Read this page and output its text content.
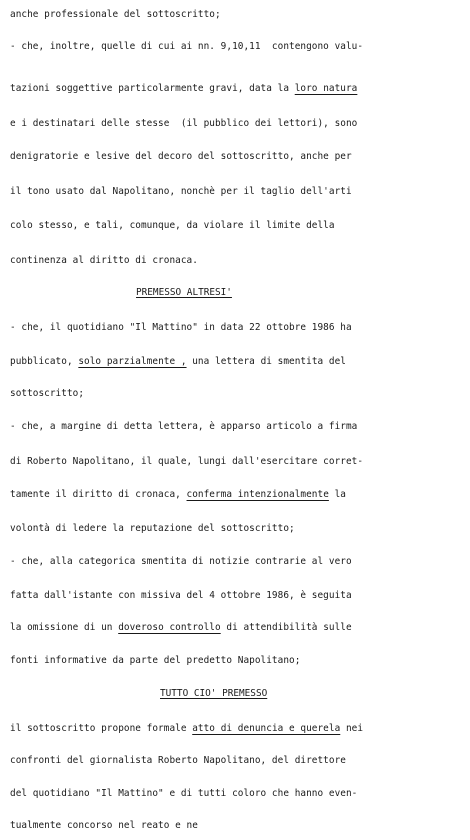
anche professionale del sottoscritto;
- che, inoltre, quelle di cui ai nn. 9,10,11  contengono valu-
tazioni soggettive particolarmente gravi, data la loro natura
e i destinatari delle stesse  (il pubblico dei lettori), sono
denigratorie e lesive del decoro del sottoscritto, anche per
il tono usato dal Napolitano, nonchè per il taglio dell'arti
colo stesso, e tali, comunque, da violare il limite della
continenza al diritto di cronaca.
PREMESSO ALTRESI'
- che, il quotidiano "Il Mattino" in data 22 ottobre 1986 ha
pubblicato, solo parzialmente , una lettera di smentita del
sottoscritto;
- che, a margine di detta lettera, è apparso articolo a firma
di Roberto Napolitano, il quale, lungi dall'esercitare corret-
tamente il diritto di cronaca, conferma intenzionalmente la
volontà di ledere la reputazione del sottoscritto;
- che, alla categorica smentita di notizie contrarie al vero
fatta dall'istante con missiva del 4 ottobre 1986, è seguita
la omissione di un doveroso controllo di attendibilità sulle
fonti informative da parte del predetto Napolitano;
TUTTO CIO' PREMESSO
il sottoscritto propone formale atto di denuncia e querela nei
confronti del giornalista Roberto Napolitano, del direttore
del quotidiano "Il Mattino" e di tutti coloro che hanno even-
tualmente concorso nel reato e ne
